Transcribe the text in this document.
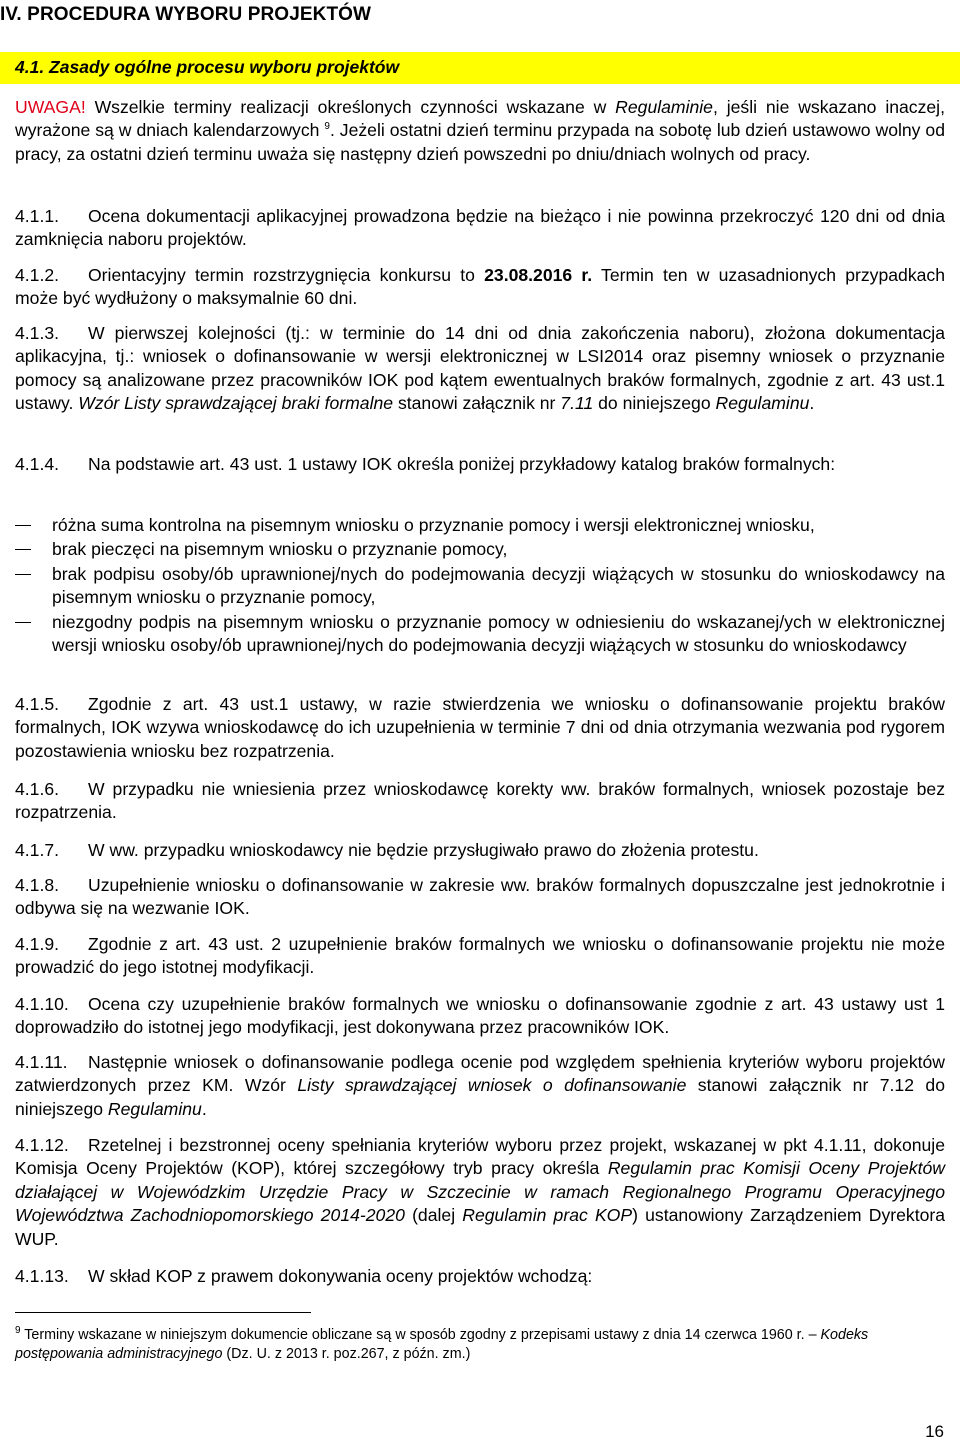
IV. PROCEDURA WYBORU PROJEKTÓW
4.1. Zasady ogólne procesu wyboru projektów
UWAGA! Wszelkie terminy realizacji określonych czynności wskazane w Regulaminie, jeśli nie wskazano inaczej, wyrażone są w dniach kalendarzowych $^9$. Jeżeli ostatni dzień terminu przypada na sobotę lub dzień ustawowo wolny od pracy, za ostatni dzień terminu uważa się następny dzień powszedni po dniu/dniach wolnych od pracy.
4.1.1. Ocena dokumentacji aplikacyjnej prowadzona będzie na bieżąco i nie powinna przekroczyć 120 dni od dnia zamknięcia naboru projektów.
4.1.2. Orientacyjny termin rozstrzygnięcia konkursu to 23.08.2016 r. Termin ten w uzasadnionych przypadkach może być wydłużony o maksymalnie 60 dni.
4.1.3. W pierwszej kolejności (tj.: w terminie do 14 dni od dnia zakończenia naboru), złożona dokumentacja aplikacyjna, tj.: wniosek o dofinansowanie w wersji elektronicznej w LSI2014 oraz pisemny wniosek o przyznanie pomocy są analizowane przez pracowników IOK pod kątem ewentualnych braków formalnych, zgodnie z art. 43 ust.1 ustawy. Wzór Listy sprawdzającej braki formalne stanowi załącznik nr 7.11 do niniejszego Regulaminu.
4.1.4. Na podstawie art. 43 ust. 1 ustawy IOK określa poniżej przykładowy katalog braków formalnych:
różna suma kontrolna na pisemnym wniosku o przyznanie pomocy i wersji elektronicznej wniosku,
brak pieczęci na pisemnym wniosku o przyznanie pomocy,
brak podpisu osoby/ób uprawnionej/nych do podejmowania decyzji wiążących w stosunku do wnioskodawcy na pisemnym wniosku o przyznanie pomocy,
niezgodny podpis na pisemnym wniosku o przyznanie pomocy w odniesieniu do wskazanej/ych w elektronicznej wersji wniosku osoby/ób uprawnionej/nych do podejmowania decyzji wiążących w stosunku do wnioskodawcy
4.1.5. Zgodnie z art. 43 ust.1 ustawy, w razie stwierdzenia we wniosku o dofinansowanie projektu braków formalnych, IOK wzywa wnioskodawcę do ich uzupełnienia w terminie 7 dni od dnia otrzymania wezwania pod rygorem pozostawienia wniosku bez rozpatrzenia.
4.1.6. W przypadku nie wniesienia przez wnioskodawcę korekty ww. braków formalnych, wniosek pozostaje bez rozpatrzenia.
4.1.7. W ww. przypadku wnioskodawcy nie będzie przysługiwało prawo do złożenia protestu.
4.1.8. Uzupełnienie wniosku o dofinansowanie w zakresie ww. braków formalnych dopuszczalne jest jednokrotnie i odbywa się na wezwanie IOK.
4.1.9. Zgodnie z art. 43 ust. 2 uzupełnienie braków formalnych we wniosku o dofinansowanie projektu nie może prowadzić do jego istotnej modyfikacji.
4.1.10. Ocena czy uzupełnienie braków formalnych we wniosku o dofinansowanie zgodnie z art. 43 ustawy ust 1 doprowadziło do istotnej jego modyfikacji, jest dokonywana przez pracowników IOK.
4.1.11. Następnie wniosek o dofinansowanie podlega ocenie pod względem spełnienia kryteriów wyboru projektów zatwierdzonych przez KM. Wzór Listy sprawdzającej wniosek o dofinansowanie stanowi załącznik nr 7.12 do niniejszego Regulaminu.
4.1.12. Rzetelnej i bezstronnej oceny spełniania kryteriów wyboru przez projekt, wskazanej w pkt 4.1.11, dokonuje Komisja Oceny Projektów (KOP), której szczegółowy tryb pracy określa Regulamin prac Komisji Oceny Projektów działającej w Wojewódzkim Urzędzie Pracy w Szczecinie w ramach Regionalnego Programu Operacyjnego Województwa Zachodniopomorskiego 2014-2020 (dalej Regulamin prac KOP) ustanowiony Zarządzeniem Dyrektora WUP.
4.1.13. W skład KOP z prawem dokonywania oceny projektów wchodzą:
$^9$ Terminy wskazane w niniejszym dokumencie obliczane są w sposób zgodny z przepisami ustawy z dnia 14 czerwca 1960 r. – Kodeks postępowania administracyjnego (Dz. U. z 2013 r. poz.267, z późn. zm.)
16
